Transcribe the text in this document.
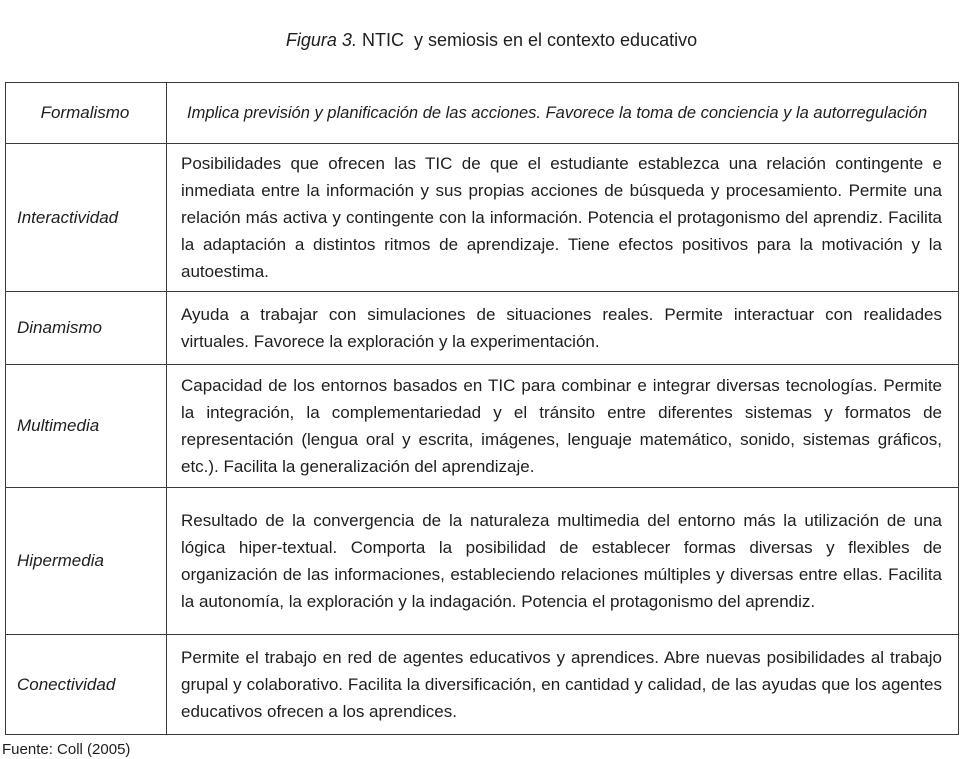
Figura 3. NTIC  y semiosis en el contexto educativo

Formalismo	Implica previsión y planificación de las acciones. Favorece la toma de conciencia y la autorregulación
Interactividad	Posibilidades que ofrecen las TIC de que el estudiante establezca una relación contingente e inmediata entre la información y sus propias acciones de búsqueda y procesamiento. Permite una relación más activa y contingente con la información. Potencia el protagonismo del aprendiz. Facilita la adaptación a distintos ritmos de aprendizaje. Tiene efectos positivos para la motivación y la autoestima.
Dinamismo	Ayuda a trabajar con simulaciones de situaciones reales. Permite interactuar con realidades virtuales. Favorece la exploración y la experimentación.
Multimedia	Capacidad de los entornos basados en TIC para combinar e integrar diversas tecnologías. Permite la integración, la complementariedad y el tránsito entre diferentes sistemas y formatos de representación (lengua oral y escrita, imágenes, lenguaje matemático, sonido, sistemas gráficos, etc.). Facilita la generalización del aprendizaje.
Hipermedia	Resultado de la convergencia de la naturaleza multimedia del entorno más la utilización de una lógica hiper-textual. Comporta la posibilidad de establecer formas diversas y flexibles de organización de las informaciones, estableciendo relaciones múltiples y diversas entre ellas. Facilita la autonomía, la exploración y la indagación. Potencia el protagonismo del aprendiz.
Conectividad	Permite el trabajo en red de agentes educativos y aprendices. Abre nuevas posibilidades al trabajo grupal y colaborativo. Facilita la diversificación, en cantidad y calidad, de las ayudas que los agentes educativos ofrecen a los aprendices.
Fuente: Coll (2005)
